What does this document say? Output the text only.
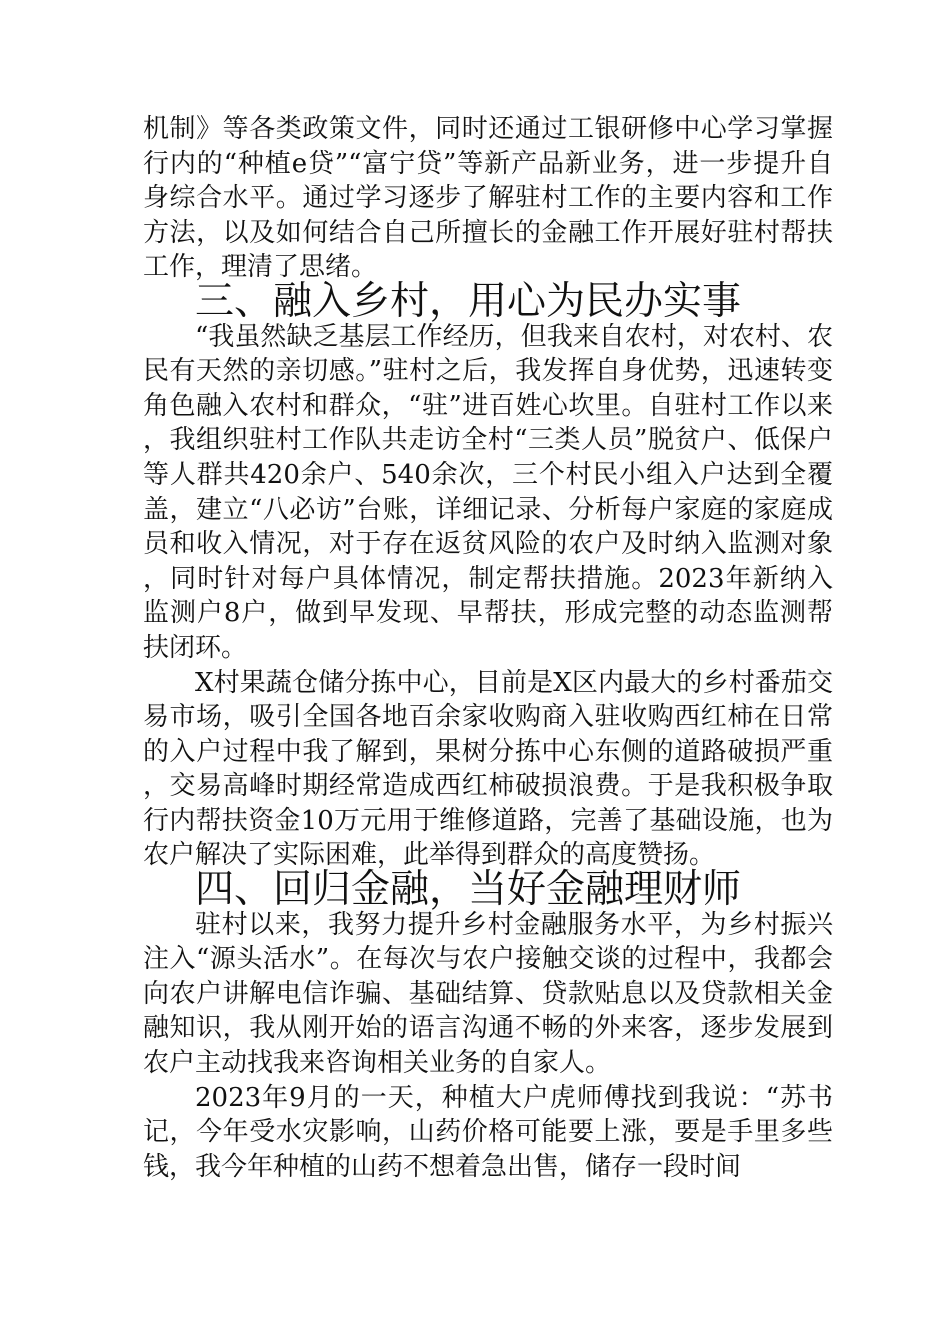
机制》等各类政策文件，同时还通过工银研修中心学习掌握行内的“种植e贷”“富宁贷”等新产品新业务，进一步提升自身综合水平。通过学习逐步了解驻村工作的主要内容和工作方法，以及如何结合自己所擅长的金融工作开展好驻村帮扶工作，理清了思绪。

三、融入乡村，用心为民办实事

“我虽然缺乏基层工作经历，但我来自农村，对农村、农民有天然的亲切感。”驻村之后，我发挥自身优势，迅速转变角色融入农村和群众，“驻”进百姓心坎里。自驻村工作以来，我组织驻村工作队共走访全村“三类人员”脱贫户、低保户等人群共420余户、540余次，三个村民小组入户达到全覆盖，建立“八必访”台账，详细记录、分析每户家庭的家庭成员和收入情况，对于存在返贫风险的农户及时纳入监测对象，同时针对每户具体情况，制定帮扶措施。2023年新纳入监测户8户，做到早发现、早帮扶，形成完整的动态监测帮扶闭环。

X村果蔬仓储分拣中心，目前是X区内最大的乡村番茄交易市场，吸引全国各地百余家收购商入驻收购西红柿在日常的入户过程中我了解到，果树分拣中心东侧的道路破损严重，交易高峰时期经常造成西红柿破损浪费。于是我积极争取行内帮扶资金10万元用于维修道路，完善了基础设施，也为农户解决了实际困难，此举得到群众的高度赞扬。

四、回归金融，当好金融理财师

驻村以来，我努力提升乡村金融服务水平，为乡村振兴注入“源头活水”。在每次与农户接触交谈的过程中，我都会向农户讲解电信诈骗、基础结算、贷款贴息以及贷款相关金融知识，我从刚开始的语言沟通不畅的外来客，逐步发展到农户主动找我来咨询相关业务的自家人。

2023年9月的一天，种植大户虎师傅找到我说：“苏书记，今年受水灾影响，山药价格可能要上涨，要是手里多些钱，我今年种植的山药不想着急出售，储存一段时间
